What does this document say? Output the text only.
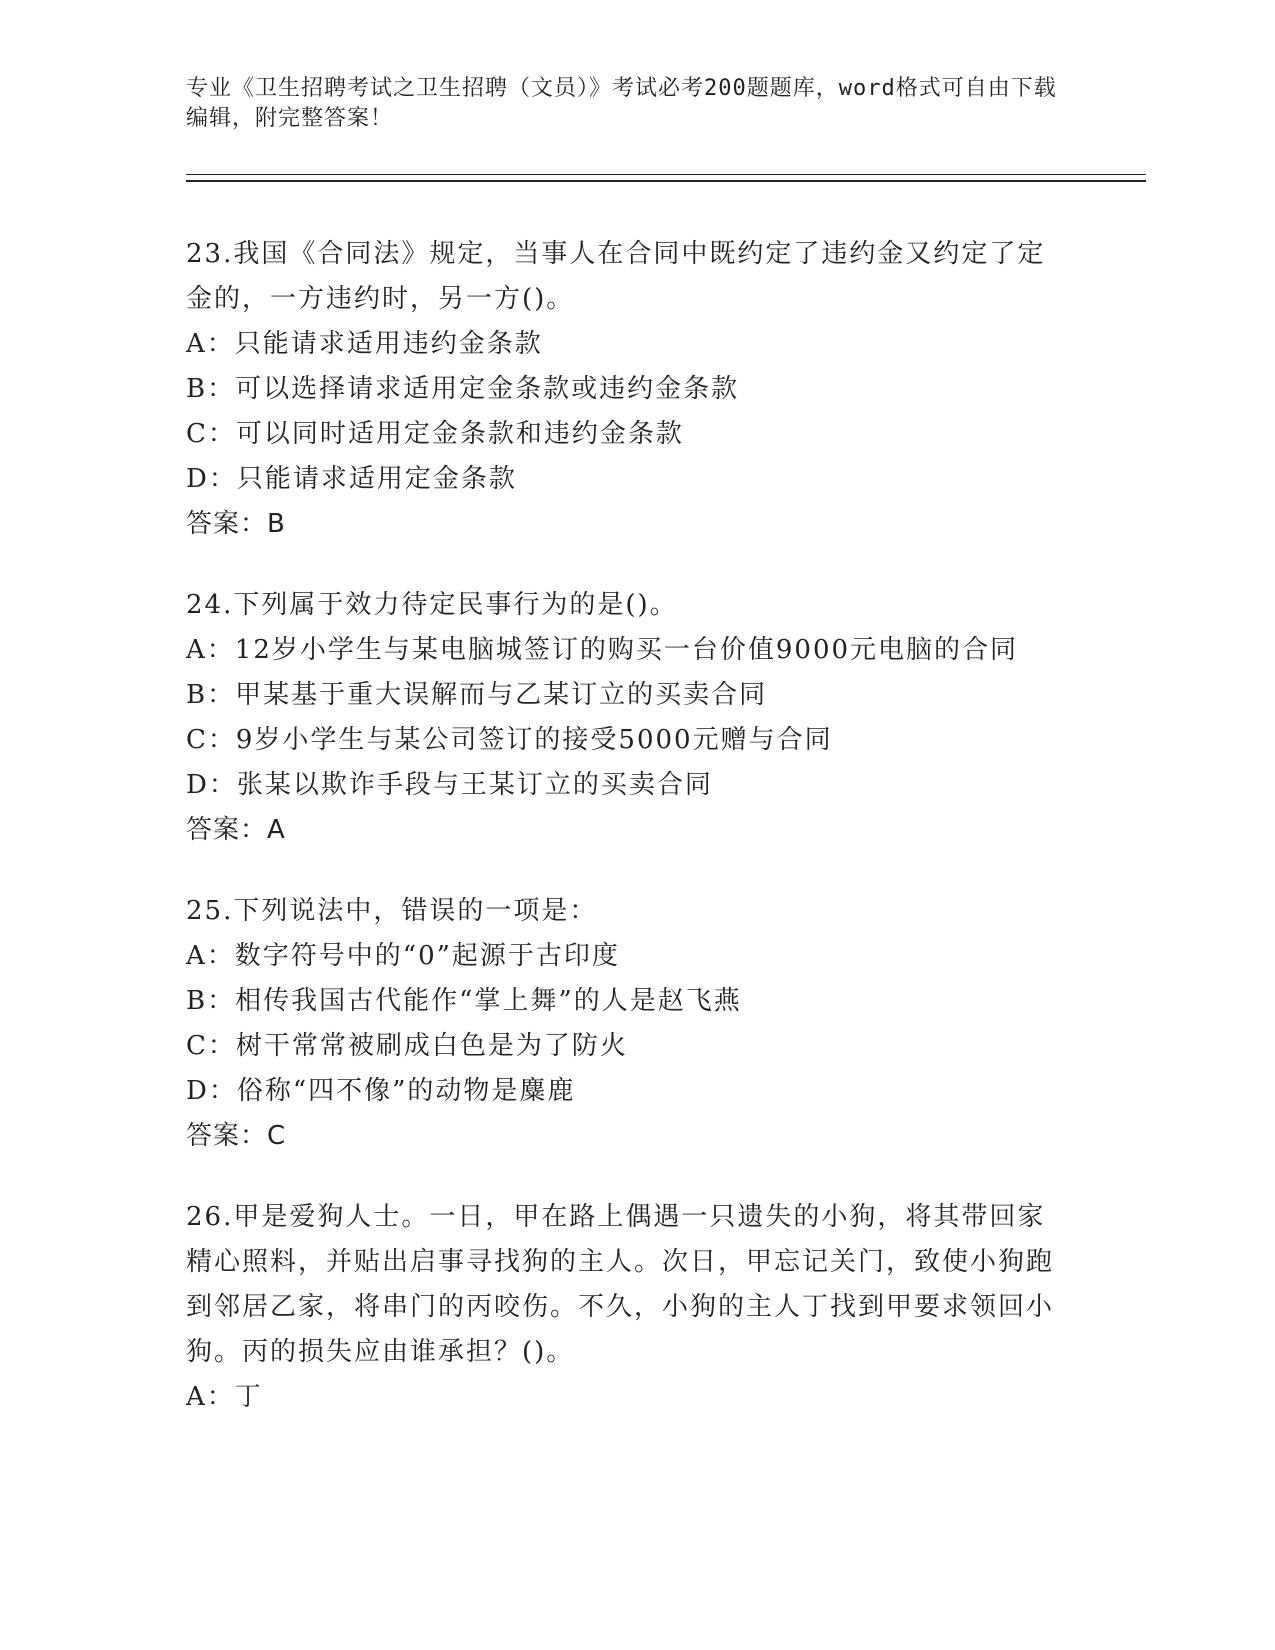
专业《卫生招聘考试之卫生招聘（文员）》考试必考200题题库，word格式可自由下载编辑，附完整答案！
23.我国《合同法》规定，当事人在合同中既约定了违约金又约定了定金的，一方违约时，另一方()。
A：只能请求适用违约金条款
B：可以选择请求适用定金条款或违约金条款
C：可以同时适用定金条款和违约金条款
D：只能请求适用定金条款
答案：B
24.下列属于效力待定民事行为的是()。
A：12岁小学生与某电脑城签订的购买一台价值9000元电脑的合同
B：甲某基于重大误解而与乙某订立的买卖合同
C：9岁小学生与某公司签订的接受5000元赠与合同
D：张某以欺诈手段与王某订立的买卖合同
答案：A
25.下列说法中，错误的一项是：
A：数字符号中的“0”起源于古印度
B：相传我国古代能作“掌上舞”的人是赵飞燕
C：树干常常被刷成白色是为了防火
D：俗称“四不像”的动物是麋鹿
答案：C
26.甲是爱狗人士。一日，甲在路上偶遇一只遗失的小狗，将其带回家精心照料，并贴出启事寻找狗的主人。次日，甲忘记关门，致使小狗跑到邻居乙家，将串门的丙咬伤。不久，小狗的主人丁找到甲要求领回小狗。丙的损失应由谁承担？()。
A：丁
